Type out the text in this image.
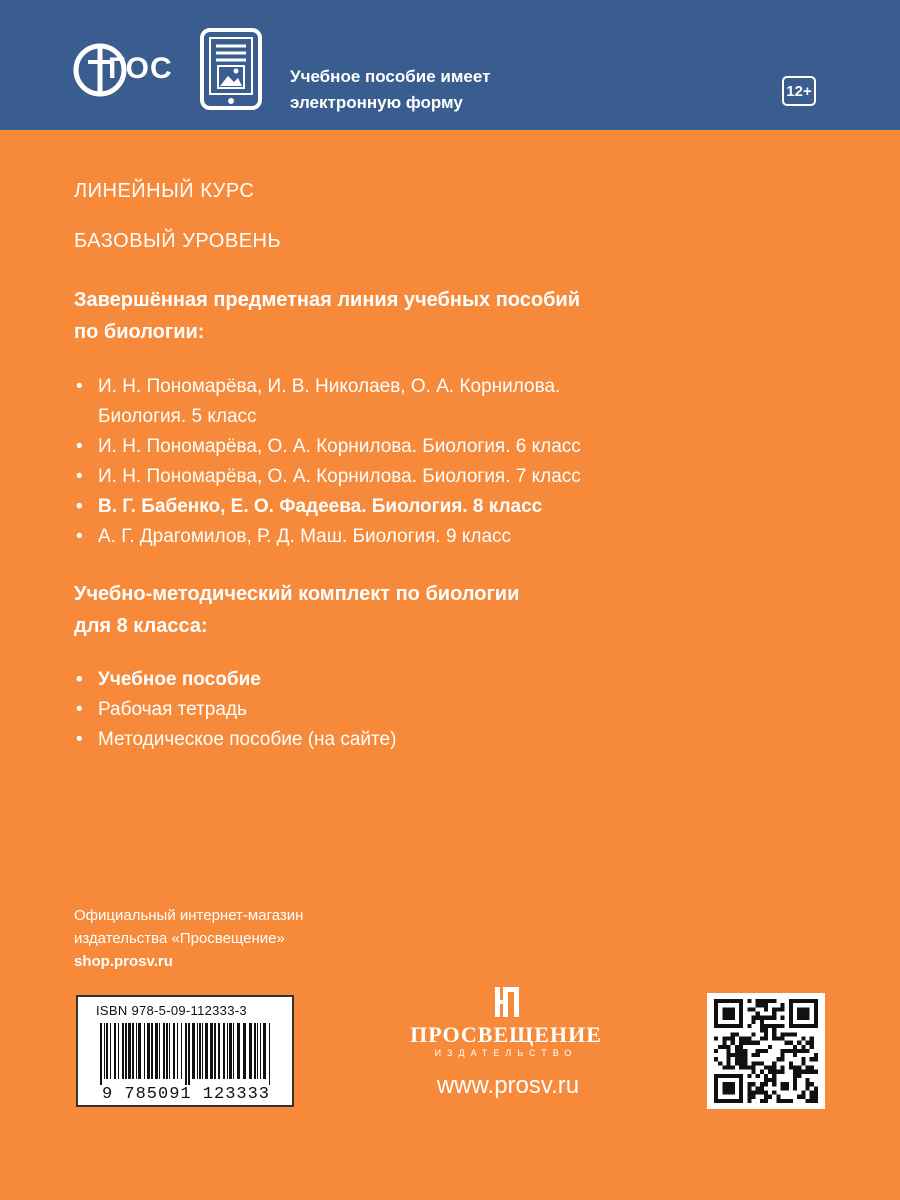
ГОС	Учебное пособие имеет
электронную форму
12+
ЛИНЕЙНЫЙ КУРС
БАЗОВЫЙ УРОВЕНЬ
Завершённая предметная линия учебных пособий
по биологии:
• И. Н. Пономарёва, И. В. Николаев, О. А. Корнилова.
Биология. 5 класс
• И. Н. Пономарёва, О. А. Корнилова. Биология. 6 класс
• И. Н. Пономарёва, О. А. Корнилова. Биология. 7 класс
• В. Г. Бабенко, Е. О. Фадеева. Биология. 8 класс
• А. Г. Драгомилов, Р. Д. Маш. Биология. 9 класс
Учебно-методический комплект по биологии
для 8 класса:
• Учебное пособие
• Рабочая тетрадь
• Методическое пособие (на сайте)
Официальный интернет-магазин
издательства «Просвещение»
shop.prosv.ru
ISBN 978-5-09-112333-3
9 785091 123333
ПРОСВЕЩЕНИЕ
ИЗДАТЕЛЬСТВО
www.prosv.ru
